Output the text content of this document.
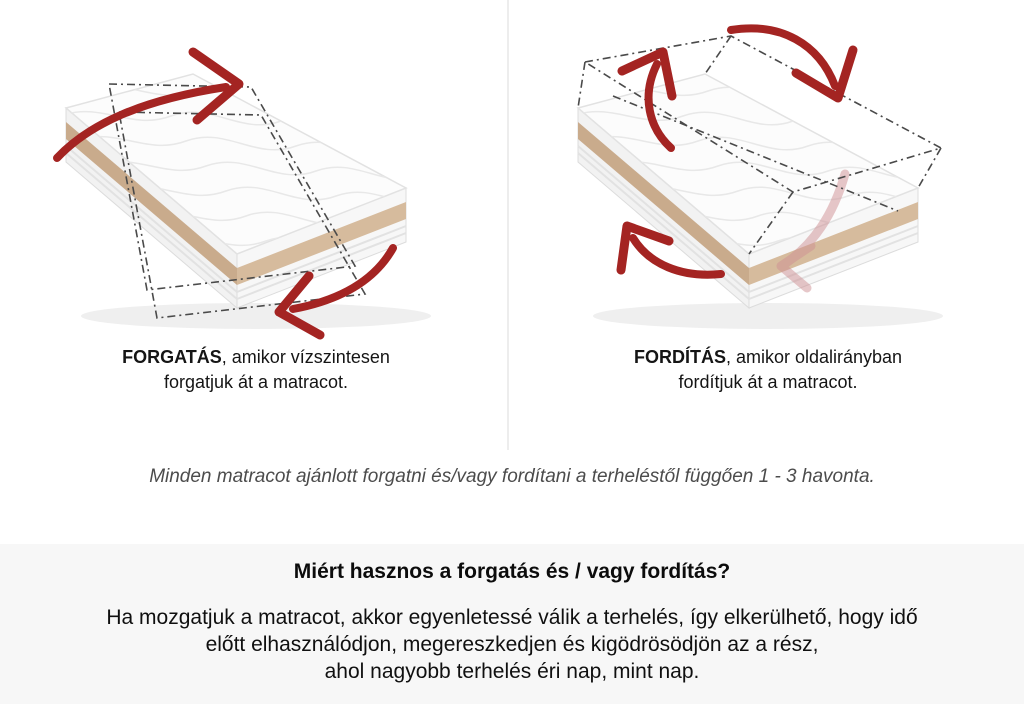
FORGATÁS, amikor vízszintesen
forgatjuk át a matracot.
FORDÍTÁS, amikor oldalirányban
fordítjuk át a matracot.
Minden matracot ajánlott forgatni és/vagy fordítani a terheléstől függően 1 - 3 havonta.
Miért hasznos a forgatás és / vagy fordítás?
Ha mozgatjuk a matracot, akkor egyenletessé válik a terhelés, így elkerülhető, hogy idő
előtt elhasználódjon, megereszkedjen és kigödrösödjön az a rész,
ahol nagyobb terhelés éri nap, mint nap.
